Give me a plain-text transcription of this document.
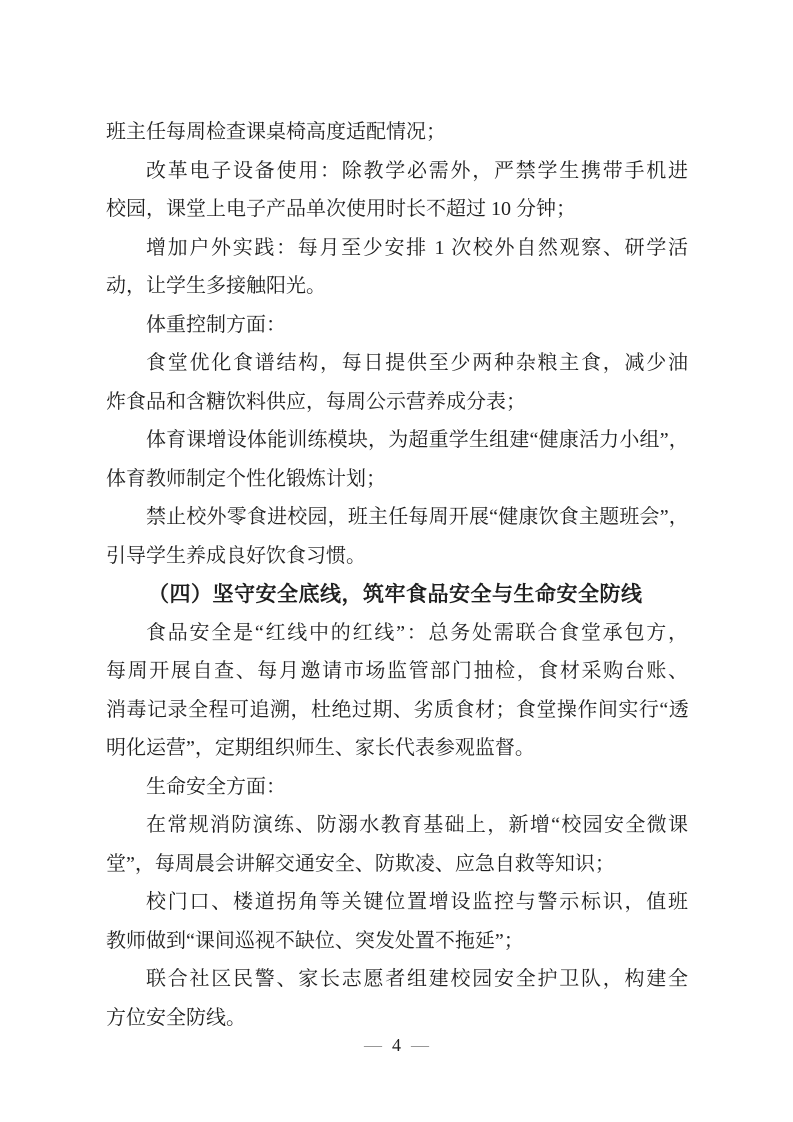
班主任每周检查课桌椅高度适配情况；
改革电子设备使用：除教学必需外，严禁学生携带手机进
校园，课堂上电子产品单次使用时长不超过 10 分钟；
增加户外实践：每月至少安排 1 次校外自然观察、研学活
动，让学生多接触阳光。
体重控制方面：
食堂优化食谱结构，每日提供至少两种杂粮主食，减少油
炸食品和含糖饮料供应，每周公示营养成分表；
体育课增设体能训练模块，为超重学生组建“健康活力小组”，
体育教师制定个性化锻炼计划；
禁止校外零食进校园，班主任每周开展“健康饮食主题班会”，
引导学生养成良好饮食习惯。
（四）坚守安全底线，筑牢食品安全与生命安全防线
食品安全是“红线中的红线”：总务处需联合食堂承包方，
每周开展自查、每月邀请市场监管部门抽检，食材采购台账、
消毒记录全程可追溯，杜绝过期、劣质食材；食堂操作间实行“透
明化运营”，定期组织师生、家长代表参观监督。
生命安全方面：
在常规消防演练、防溺水教育基础上，新增“校园安全微课
堂”，每周晨会讲解交通安全、防欺凌、应急自救等知识；
校门口、楼道拐角等关键位置增设监控与警示标识，值班
教师做到“课间巡视不缺位、突发处置不拖延”；
联合社区民警、家长志愿者组建校园安全护卫队，构建全
方位安全防线。
— 4 —
